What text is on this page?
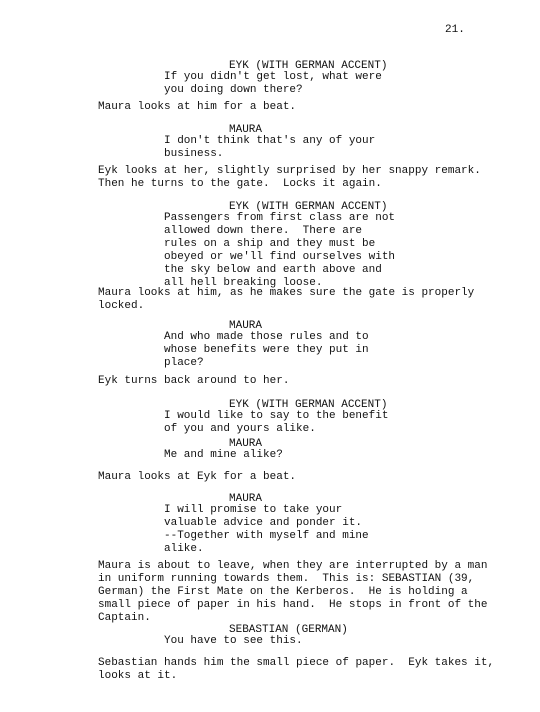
21.
EYK (WITH GERMAN ACCENT)
If you didn't get lost, what were
you doing down there?
Maura looks at him for a beat.
MAURA
I don't think that's any of your
business.
Eyk looks at her, slightly surprised by her snappy remark.
Then he turns to the gate.  Locks it again.
EYK (WITH GERMAN ACCENT)
Passengers from first class are not
allowed down there.  There are
rules on a ship and they must be
obeyed or we'll find ourselves with
the sky below and earth above and
all hell breaking loose.
Maura looks at him, as he makes sure the gate is properly
locked.
MAURA
And who made those rules and to
whose benefits were they put in
place?
Eyk turns back around to her.
EYK (WITH GERMAN ACCENT)
I would like to say to the benefit
of you and yours alike.
MAURA
Me and mine alike?
Maura looks at Eyk for a beat.
MAURA
I will promise to take your
valuable advice and ponder it.
--Together with myself and mine
alike.
Maura is about to leave, when they are interrupted by a man
in uniform running towards them.  This is: SEBASTIAN (39,
German) the First Mate on the Kerberos.  He is holding a
small piece of paper in his hand.  He stops in front of the
Captain.
SEBASTIAN (GERMAN)
You have to see this.
Sebastian hands him the small piece of paper.  Eyk takes it,
looks at it.
